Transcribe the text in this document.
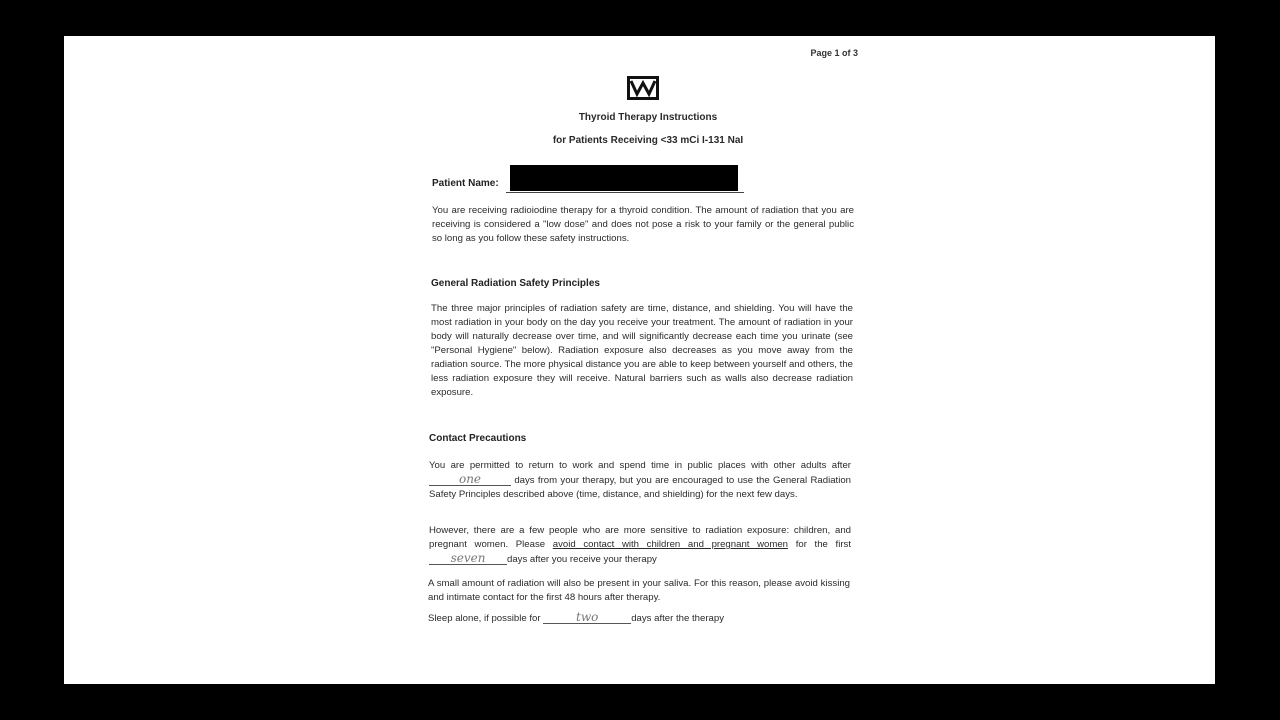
Page 1 of 3
Thyroid Therapy Instructions
for Patients Receiving <33 mCi I-131 NaI
Patient Name:
You are receiving radioiodine therapy for a thyroid condition. The amount of radiation that you are receiving is considered a "low dose" and does not pose a risk to your family or the general public so long as you follow these safety instructions.
General Radiation Safety Principles
The three major principles of radiation safety are time, distance, and shielding. You will have the most radiation in your body on the day you receive your treatment. The amount of radiation in your body will naturally decrease over time, and will significantly decrease each time you urinate (see "Personal Hygiene" below). Radiation exposure also decreases as you move away from the radiation source. The more physical distance you are able to keep between yourself and others, the less radiation exposure they will receive. Natural barriers such as walls also decrease radiation exposure.
Contact Precautions
You are permitted to return to work and spend time in public places with other adults after one	days from your therapy, but you are encouraged to use the General Radiation Safety Principles described above (time, distance, and shielding) for the next few days.
However, there are a few people who are more sensitive to radiation exposure: children, and pregnant women. Please avoid contact with children and pregnant women for the first seven days after you receive your therapy
A small amount of radiation will also be present in your saliva. For this reason, please avoid kissing and intimate contact for the first 48 hours after therapy.
Sleep alone, if possible for	two	days after the therapy
